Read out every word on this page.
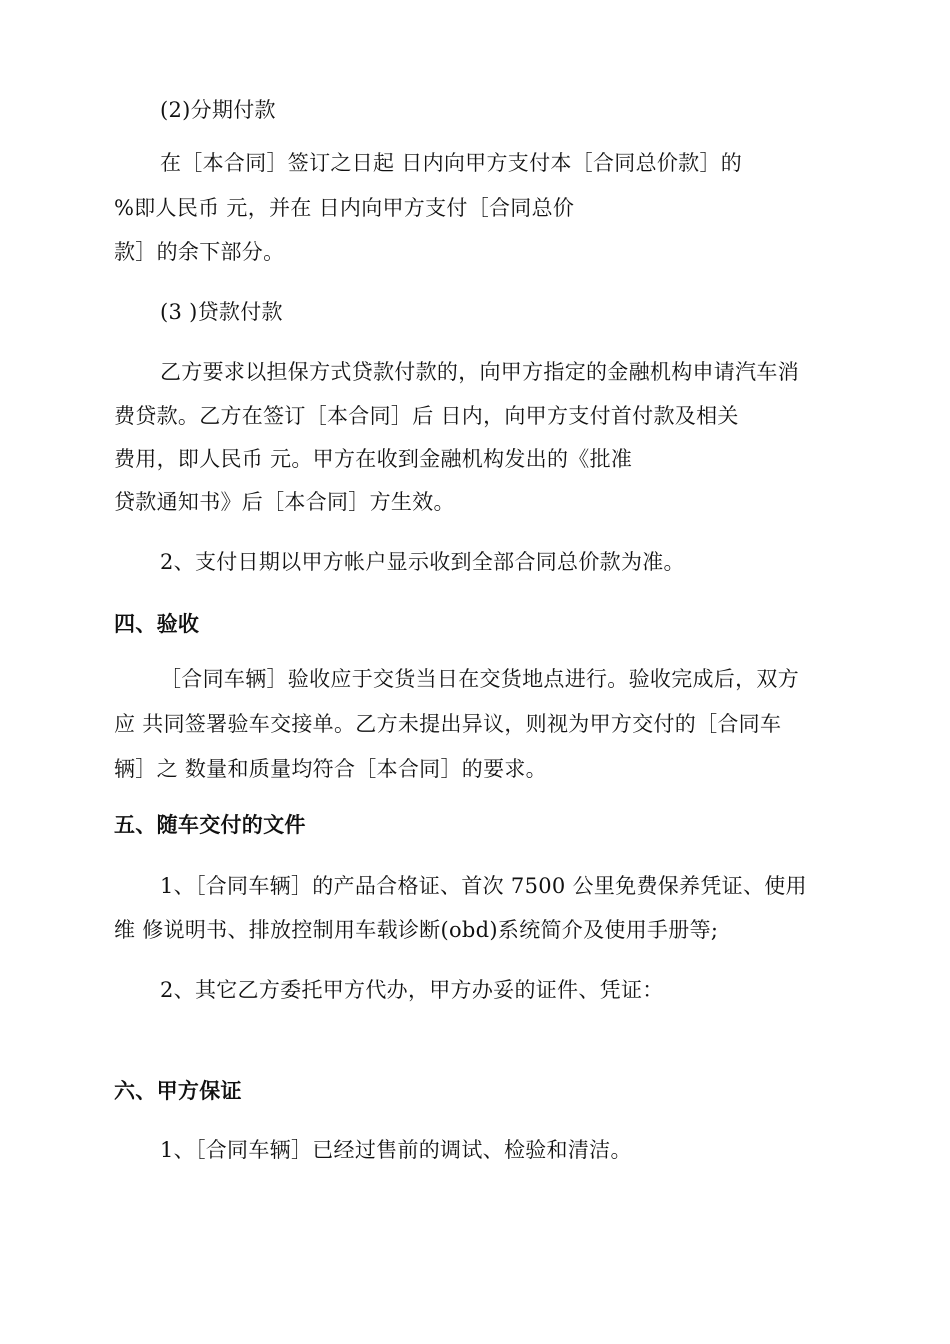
(2)分期付款
在［本合同］签订之日起 日内向甲方支付本［合同总价款］的
%即人民币 元，并在 日内向甲方支付［合同总价
款］的余下部分。
(3 )贷款付款
乙方要求以担保方式贷款付款的，向甲方指定的金融机构申请汽车消
费贷款。乙方在签订［本合同］后 日内，向甲方支付首付款及相关
费用，即人民币 元。甲方在收到金融机构发出的《批准
贷款通知书》后［本合同］方生效。
2、支付日期以甲方帐户显示收到全部合同总价款为准。
四、验收
［合同车辆］验收应于交货当日在交货地点进行。验收完成后，双方
应 共同签署验车交接单。乙方未提出异议，则视为甲方交付的［合同车
辆］之 数量和质量均符合［本合同］的要求。
五、随车交付的文件
1、［合同车辆］的产品合格证、首次 7500 公里免费保养凭证、使用
维 修说明书、排放控制用车载诊断(obd)系统简介及使用手册等;
2、其它乙方委托甲方代办，甲方办妥的证件、凭证：
六、甲方保证
1、［合同车辆］已经过售前的调试、检验和清洁。
